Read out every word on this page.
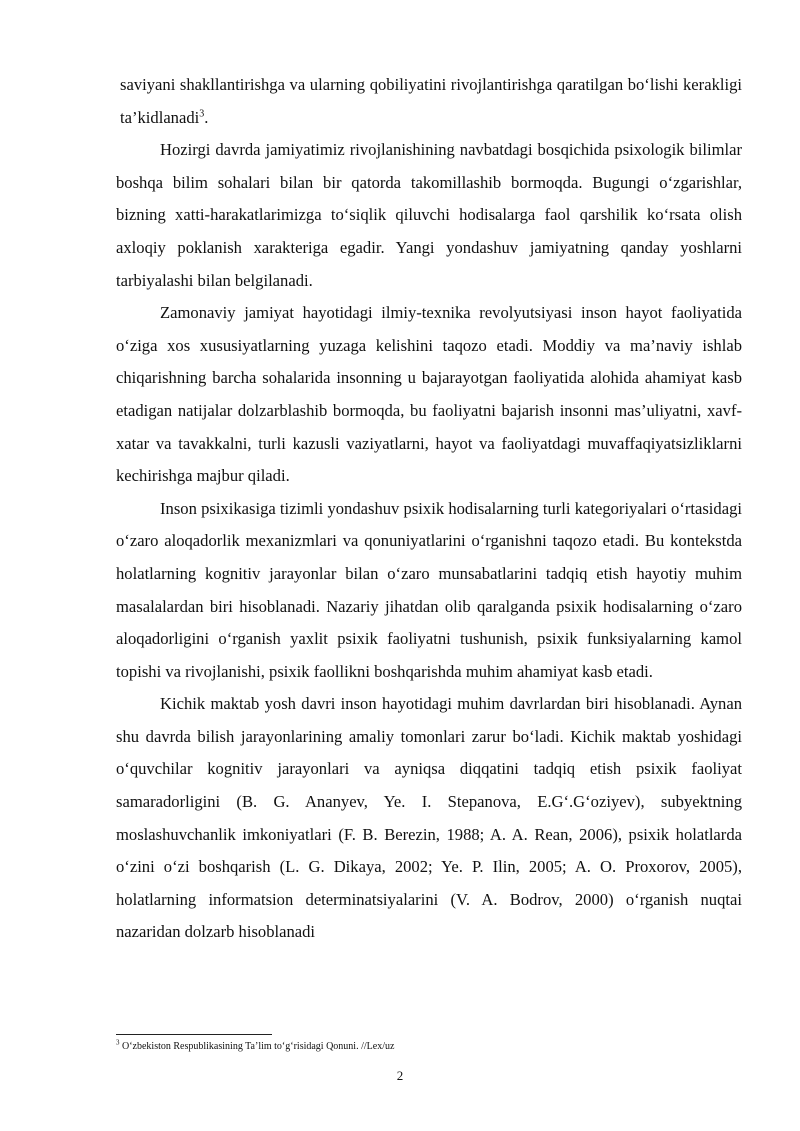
saviyani shakllantirishga va ularning qobiliyatini rivojlantirishga qaratilgan bo‘lishi kerakligi ta’kidlanadi$^3$.

Hozirgi davrda jamiyatimiz rivojlanishining navbatdagi bosqichida psixologik bilimlar boshqa bilim sohalari bilan bir qatorda takomillashib bormoqda. Bugungi o‘zgarishlar, bizning xatti-harakatlarimizga to‘siqlik qiluvchi hodisalarga faol qarshilik ko‘rsata olish axloqiy poklanish xarakteriga egadir. Yangi yondashuv jamiyatning qanday yoshlarni tarbiyalashi bilan belgilanadi.

Zamonaviy jamiyat hayotidagi ilmiy-texnika revolyutsiyasi inson hayot faoliyatida o‘ziga xos xususiyatlarning yuzaga kelishini taqozo etadi. Moddiy va ma’naviy ishlab chiqarishning barcha sohalarida insonning u bajarayotgan faoliyatida alohida ahamiyat kasb etadigan natijalar dolzarblashib bormoqda, bu faoliyatni bajarish insonni mas’uliyatni, xavf-xatar va tavakkalni, turli kazusli vaziyatlarni, hayot va faoliyatdagi muvaffaqiyatsizliklarni kechirishga majbur qiladi.

Inson psixikasiga tizimli yondashuv psixik hodisalarning turli kategoriyalari o‘rtasidagi o‘zaro aloqadorlik mexanizmlari va qonuniyatlarini o‘rganishni taqozo etadi. Bu kontekstda holatlarning kognitiv jarayonlar bilan o‘zaro munsabatlarini tadqiq etish hayotiy muhim masalalardan biri hisoblanadi. Nazariy jihatdan olib qaralganda psixik hodisalarning o‘zaro aloqadorligini o‘rganish yaxlit psixik faoliyatni tushunish, psixik funksiyalarning kamol topishi va rivojlanishi, psixik faollikni boshqarishda muhim ahamiyat kasb etadi.

Kichik maktab yosh davri inson hayotidagi muhim davrlardan biri hisoblanadi. Aynan shu davrda bilish jarayonlarining amaliy tomonlari zarur bo‘ladi. Kichik maktab yoshidagi o‘quvchilar kognitiv jarayonlari va ayniqsa diqqatini tadqiq etish psixik faoliyat samaradorligini (B. G. Ananyev, Ye. I. Stepanova, E.G‘.G‘oziyev), subyektning moslashuvchanlik imkoniyatlari (F. B. Berezin, 1988; A. A. Rean, 2006), psixik holatlarda o‘zini o‘zi boshqarish (L. G. Dikaya, 2002; Ye. P. Ilin, 2005; A. O. Proxorov, 2005), holatlarning informatsion determinatsiyalarini (V. A. Bodrov, 2000) o‘rganish nuqtai nazaridan dolzarb hisoblanadi

$^3$ O‘zbekiston Respublikasining Ta’lim to‘g‘risidagi Qonuni. //Lex/uz
2
